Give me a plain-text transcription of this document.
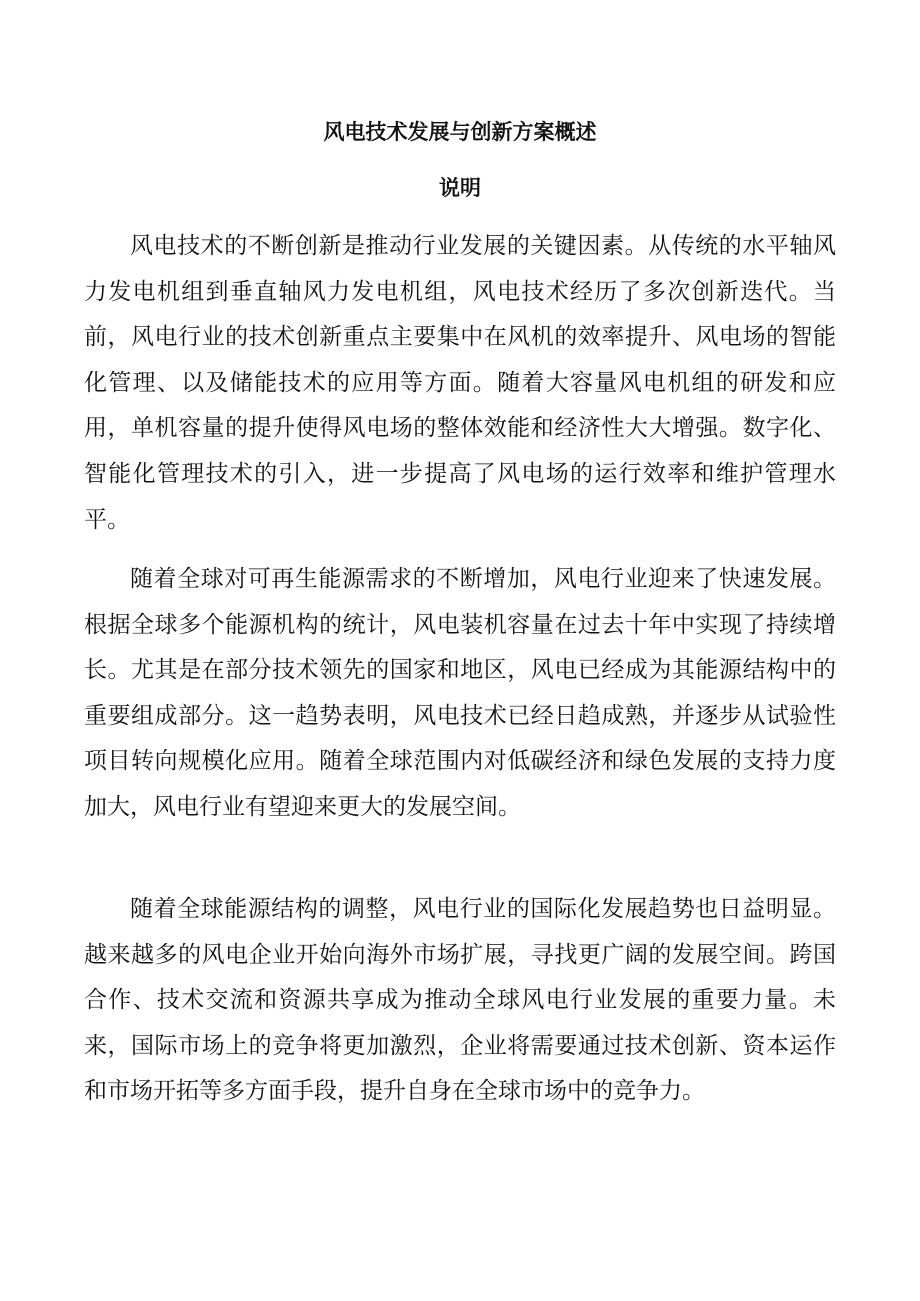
风电技术发展与创新方案概述
说明

风电技术的不断创新是推动行业发展的关键因素。从传统的水平轴风力发电机组到垂直轴风力发电机组，风电技术经历了多次创新迭代。当前，风电行业的技术创新重点主要集中在风机的效率提升、风电场的智能化管理、以及储能技术的应用等方面。随着大容量风电机组的研发和应用，单机容量的提升使得风电场的整体效能和经济性大大增强。数字化、智能化管理技术的引入，进一步提高了风电场的运行效率和维护管理水平。

随着全球对可再生能源需求的不断增加，风电行业迎来了快速发展。根据全球多个能源机构的统计，风电装机容量在过去十年中实现了持续增长。尤其是在部分技术领先的国家和地区，风电已经成为其能源结构中的重要组成部分。这一趋势表明，风电技术已经日趋成熟，并逐步从试验性项目转向规模化应用。随着全球范围内对低碳经济和绿色发展的支持力度加大，风电行业有望迎来更大的发展空间。

随着全球能源结构的调整，风电行业的国际化发展趋势也日益明显。越来越多的风电企业开始向海外市场扩展，寻找更广阔的发展空间。跨国合作、技术交流和资源共享成为推动全球风电行业发展的重要力量。未来，国际市场上的竞争将更加激烈，企业将需要通过技术创新、资本运作和市场开拓等多方面手段，提升自身在全球市场中的竞争力。
